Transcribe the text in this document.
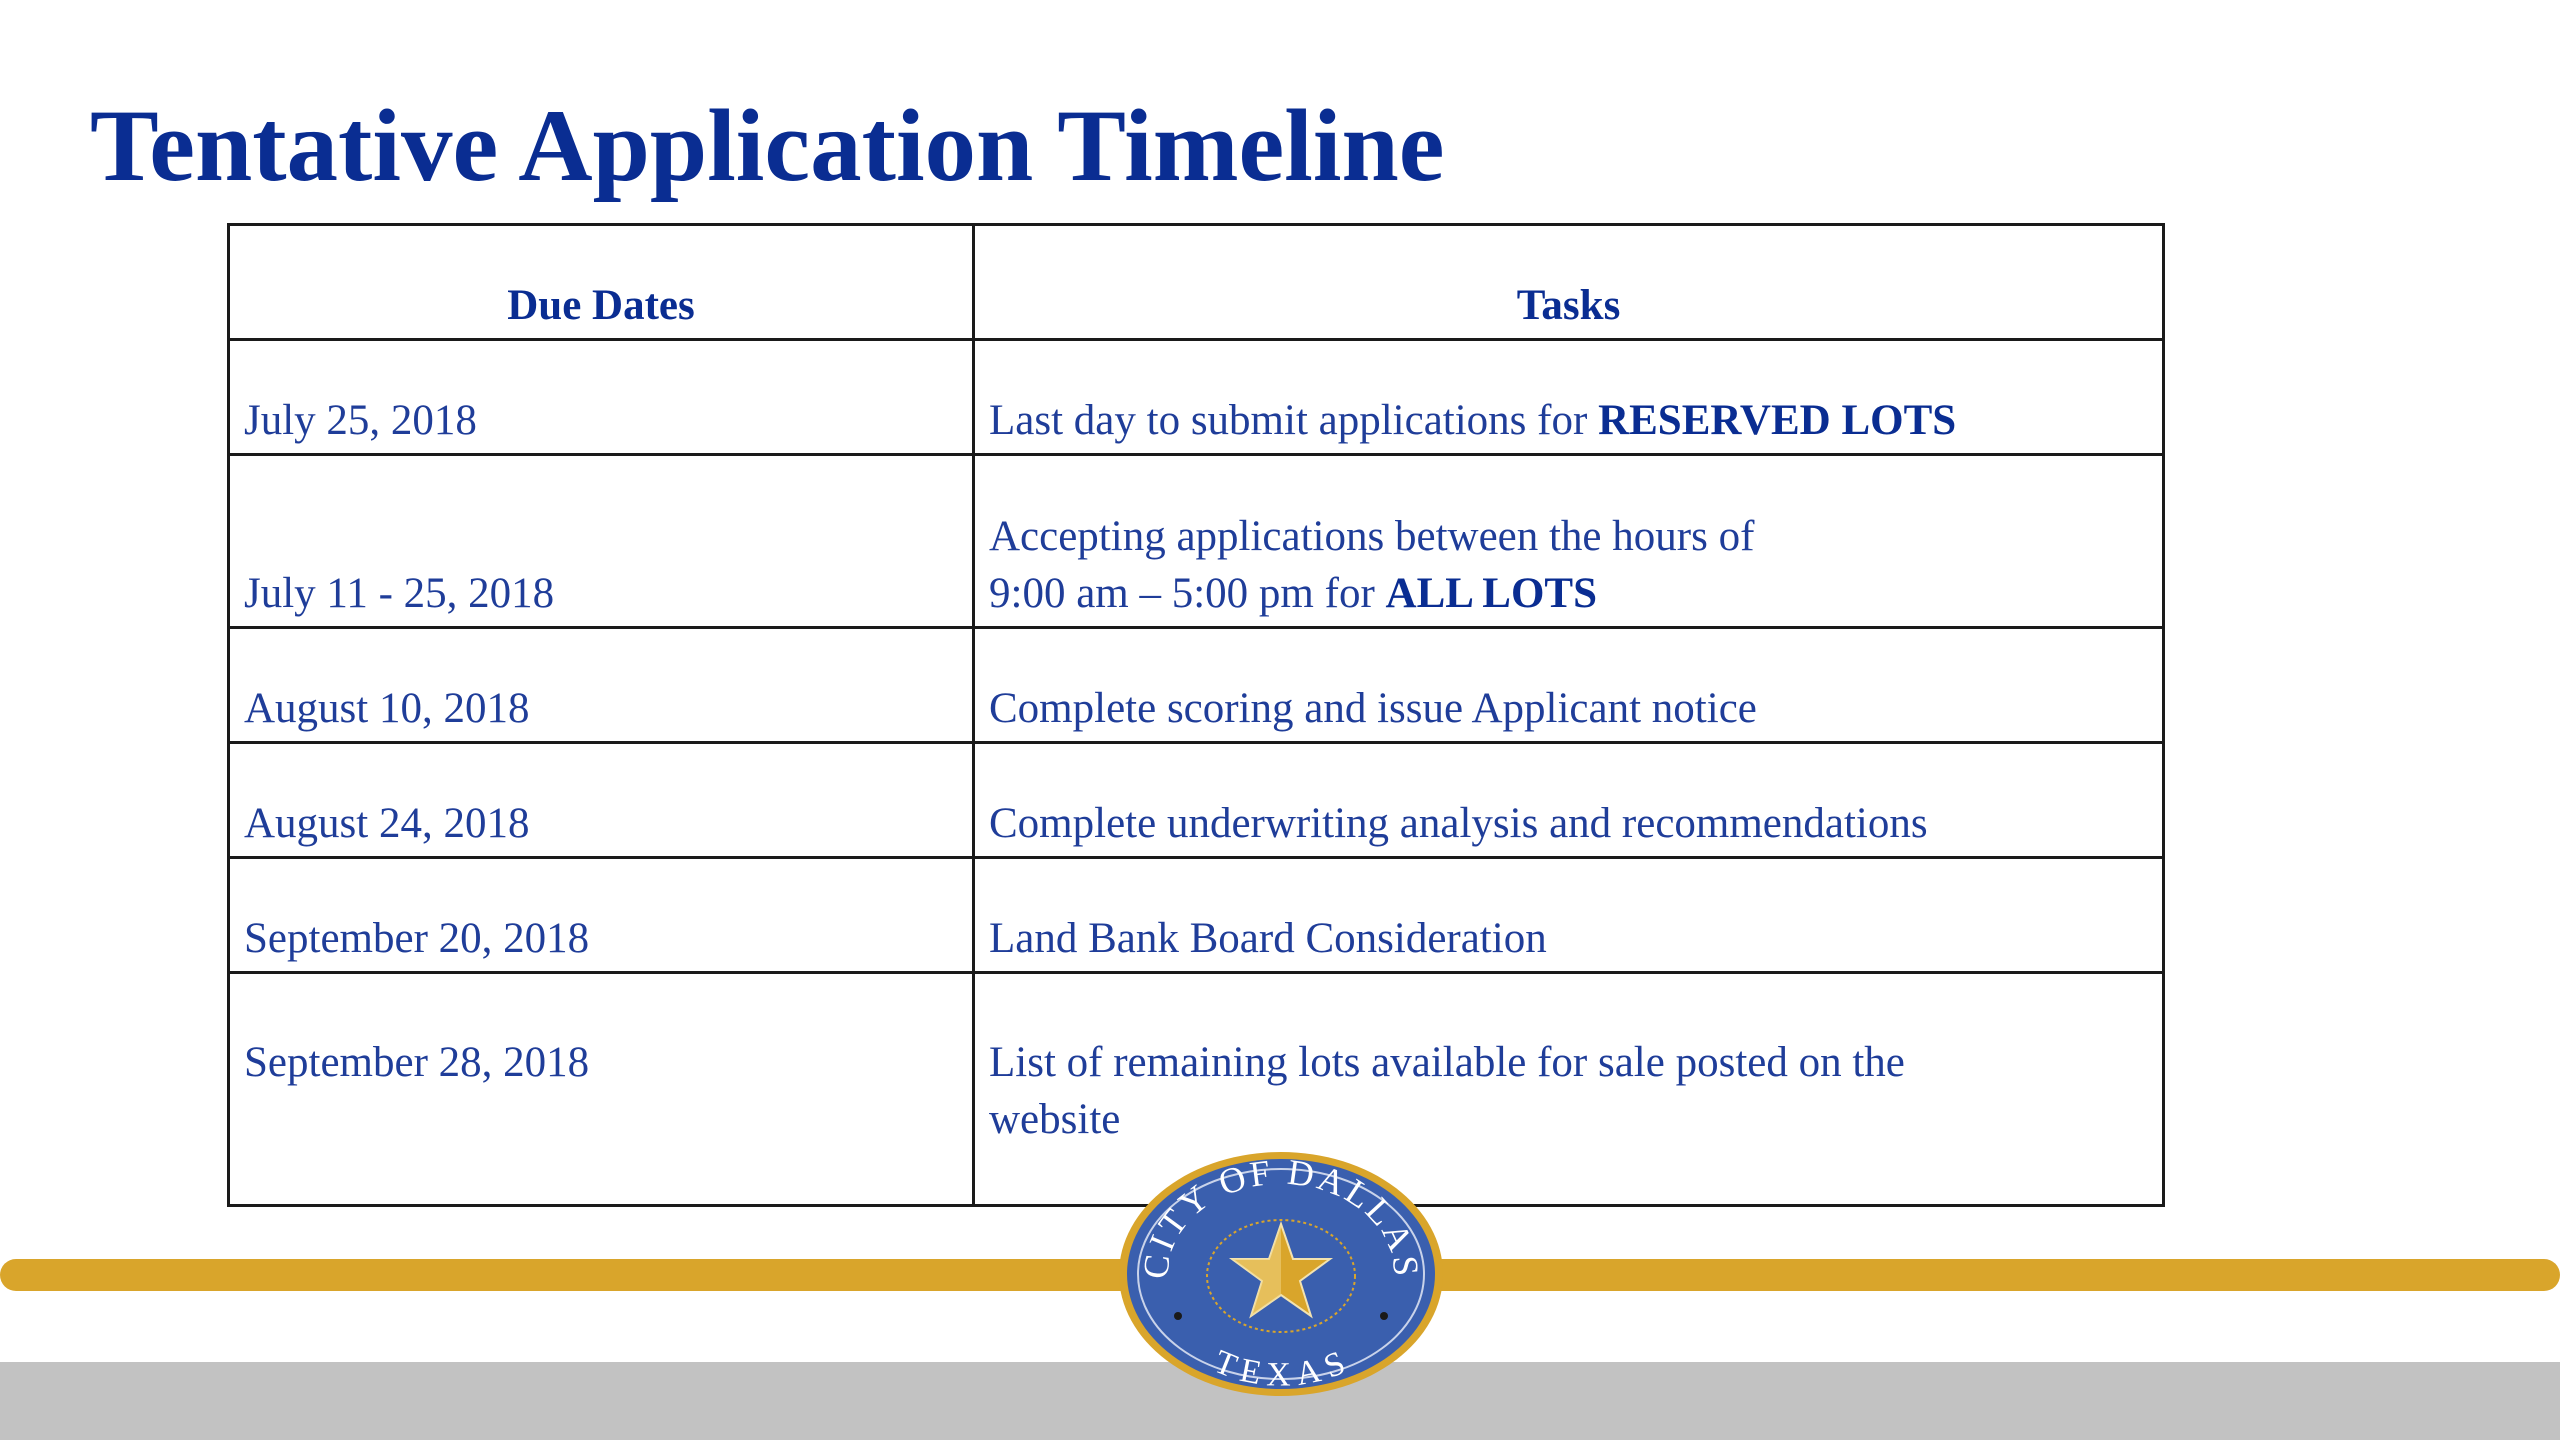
Tentative Application Timeline
Due Dates	Tasks
July 25, 2018	Last day to submit applications for RESERVED LOTS
July 11 - 25, 2018	Accepting applications between the hours of
9:00 am – 5:00 pm for ALL LOTS

August 10, 2018	Complete scoring and issue Applicant notice
August 24, 2018	Complete underwriting analysis and recommendations
September 20, 2018	Land Bank Board Consideration
September 28, 2018	List of remaining lots available for sale posted on the
website
CITY OF DALLAS
TEXAS
